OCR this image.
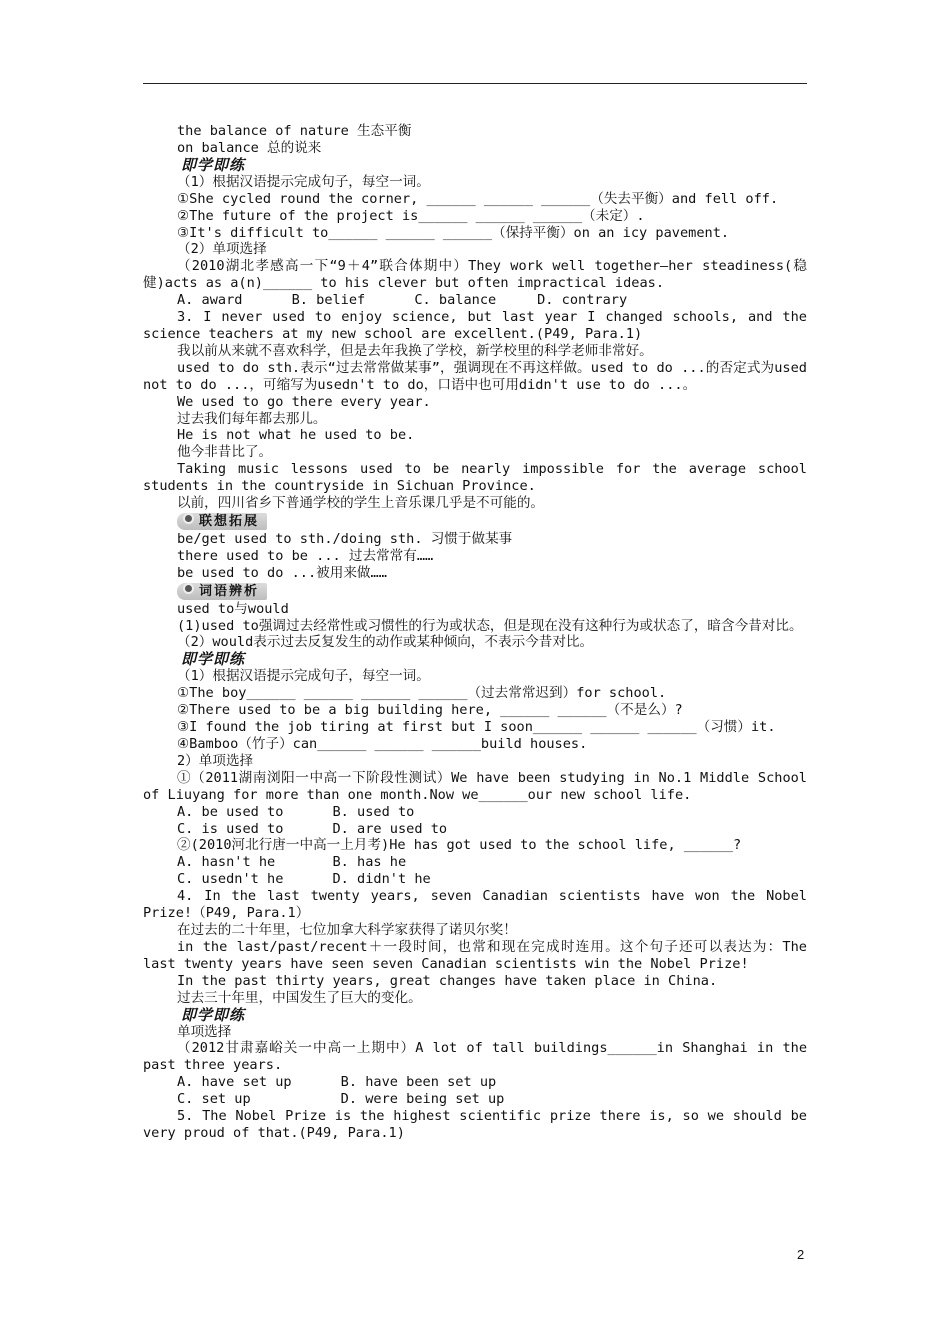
the balance of nature 生态平衡

on balance 总的说来

即学即练

（1）根据汉语提示完成句子，每空一词。

①She cycled round the corner, ______ ______ ______（失去平衡）and fell off.

②The future of the project is______ ______ ______（未定）.

③It's difficult to______ ______ ______（保持平衡）on an icy pavement.

（2）单项选择

（2010湖北孝感高一下“9＋4”联合体期中）They work well together—her steadiness(稳健)acts as a(n)______ to his clever but often impractical ideas.

A. award      B. belief      C. balance     D. contrary

3. I never used to enjoy science, but last year I changed schools, and the science teachers at my new school are excellent.(P49, Para.1)

我以前从来就不喜欢科学，但是去年我换了学校，新学校里的科学老师非常好。

used to do sth.表示“过去常常做某事”，强调现在不再这样做。used to do ...的否定式为used not to do ...，可缩写为usedn't to do，口语中也可用didn't use to do ...。

We used to go there every year.

过去我们每年都去那儿。

He is not what he used to be.

他今非昔比了。

Taking music lessons used to be nearly impossible for the average school students in the countryside in Sichuan Province.

以前，四川省乡下普通学校的学生上音乐课几乎是不可能的。

联想拓展

be/get used to sth./doing sth. 习惯于做某事

there used to be ... 过去常常有……

be used to do ...被用来做……

词语辨析

used to与would

(1)used to强调过去经常性或习惯性的行为或状态，但是现在没有这种行为或状态了，暗含今昔对比。

（2）would表示过去反复发生的动作或某种倾向，不表示今昔对比。

即学即练

（1）根据汉语提示完成句子，每空一词。

①The boy______ ______ ______ ______（过去常常迟到）for school.

②There used to be a big building here, ______ ______（不是么）?

③I found the job tiring at first but I soon______ ______ ______（习惯）it.

④Bamboo（竹子）can______ ______ ______build houses.

2）单项选择

①（2011湖南浏阳一中高一下阶段性测试）We have been studying in No.1 Middle School of Liuyang for more than one month.Now we______our new school life.

A. be used to      B. used to

C. is used to      D. are used to

②(2010河北行唐一中高一上月考)He has got used to the school life, ______?

A. hasn't he       B. has he

C. usedn't he      D. didn't he

4. In the last twenty years, seven Canadian scientists have won the Nobel Prize!（P49, Para.1）

在过去的二十年里，七位加拿大科学家获得了诺贝尔奖！

in the last/past/recent＋一段时间，也常和现在完成时连用。这个句子还可以表达为：The last twenty years have seen seven Canadian scientists win the Nobel Prize!

In the past thirty years, great changes have taken place in China.

过去三十年里，中国发生了巨大的变化。

即学即练

单项选择

（2012甘肃嘉峪关一中高一上期中）A lot of tall buildings______in Shanghai in the past three years.

A. have set up      B. have been set up

C. set up           D. were being set up

5. The Nobel Prize is the highest scientific prize there is, so we should be very proud of that.(P49, Para.1)

2
